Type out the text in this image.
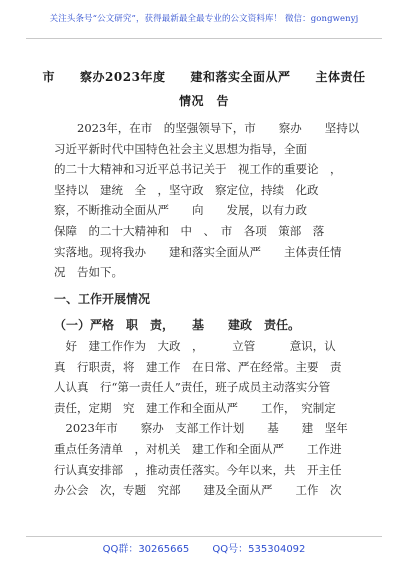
关注头条号“公文研究”，获得最新最全最专业的公文资料库！ 微信：gongwenyj
市　　察办2023年度　　建和落实全面从严　　主体责任
情况　告
　　2023年，在市　的坚强领导下，市　　察办　　坚持以
习近平新时代中国特色社会主义思想为指导，全面
的二十大精神和习近平总书记关于　视工作的重要论　，
坚持以　建统　全　，坚守政　察定位，持续　化政
察，不断推动全面从严　　向　　发展，以有力政
保障　的二十大精神和　中　、　市　各项　策部　落
实落地。现将我办　　建和落实全面从严　　主体责任情
况　告如下。
一、工作开展情况
（一）严格　职　责，　　基　　建政　责任。
　好　建工作作为　大政　，　　　立管　　　意识，认
真　行职责，将　建工作　在日常、严在经常。主要　责
人认真　行“第一责任人”责任，班子成员主动落实分管
责任，定期　究　建工作和全面从严　　工作，　究制定
　2023年市　　察办　支部工作计划　　基　　建　坚年
重点任务清单　，对机关　建工作和全面从严　　工作进
行认真安排部　，推动责任落实。今年以来，共　开主任
办公会　次，专题　究部　　建及全面从严　　工作　次
QQ群：30265665 QQ号：535304092
